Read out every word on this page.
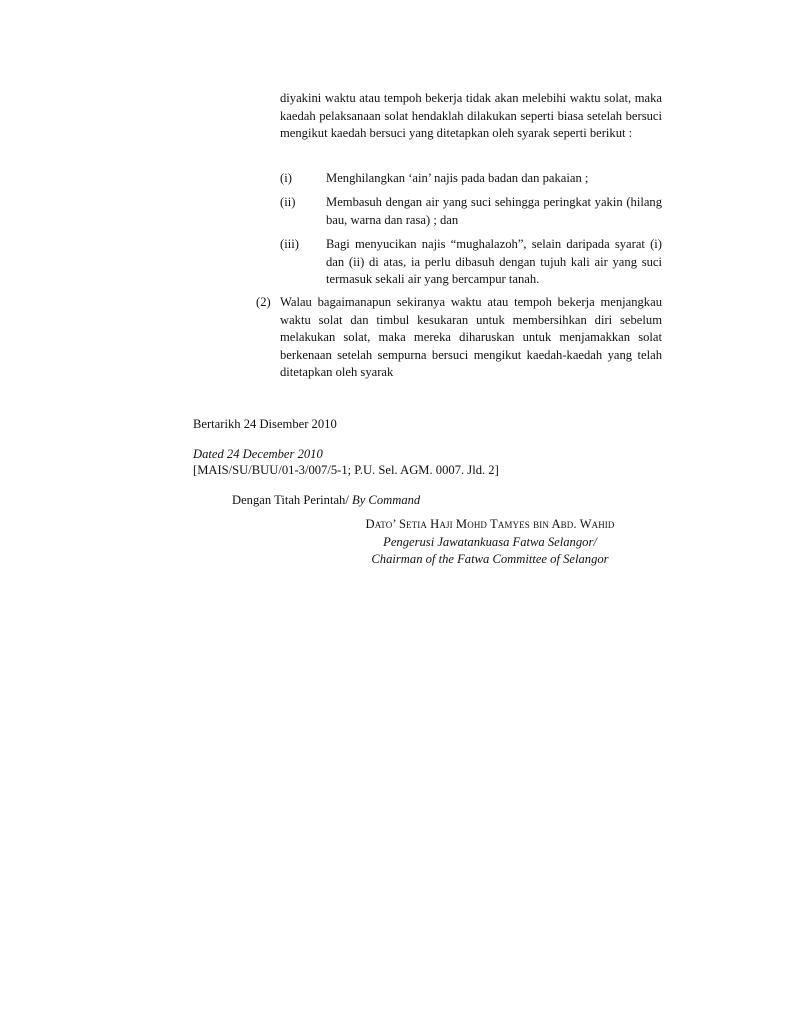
diyakini waktu atau tempoh bekerja tidak akan melebihi waktu solat, maka kaedah pelaksanaan solat hendaklah dilakukan seperti biasa setelah bersuci mengikut kaedah bersuci yang ditetapkan oleh syarak seperti berikut :
(i)	Menghilangkan ‘ain’ najis pada badan dan pakaian ;
(ii) Membasuh dengan air yang suci sehingga peringkat yakin (hilang bau, warna dan rasa) ; dan
(iii) Bagi menyucikan najis “mughalazoh”, selain daripada syarat (i) dan (ii) di atas, ia perlu dibasuh dengan tujuh kali air yang suci termasuk sekali air yang bercampur tanah.
(2) Walau bagaimanapun sekiranya waktu atau tempoh bekerja menjangkau waktu solat dan timbul kesukaran untuk membersihkan diri sebelum melakukan solat, maka mereka diharuskan untuk menjamakkan solat berkenaan setelah sempurna bersuci mengikut kaedah-kaedah yang telah ditetapkan oleh syarak
Bertarikh 24 Disember 2010
Dated 24 December 2010
[MAIS/SU/BUU/01-3/007/5-1; P.U. Sel. AGM. 0007. Jld. 2]
Dengan Titah Perintah/ By Command
Dato’ Setia Haji Mohd Tamyes bin Abd. Wahid
Pengerusi Jawatankuasa Fatwa Selangor/
Chairman of the Fatwa Committee of Selangor
